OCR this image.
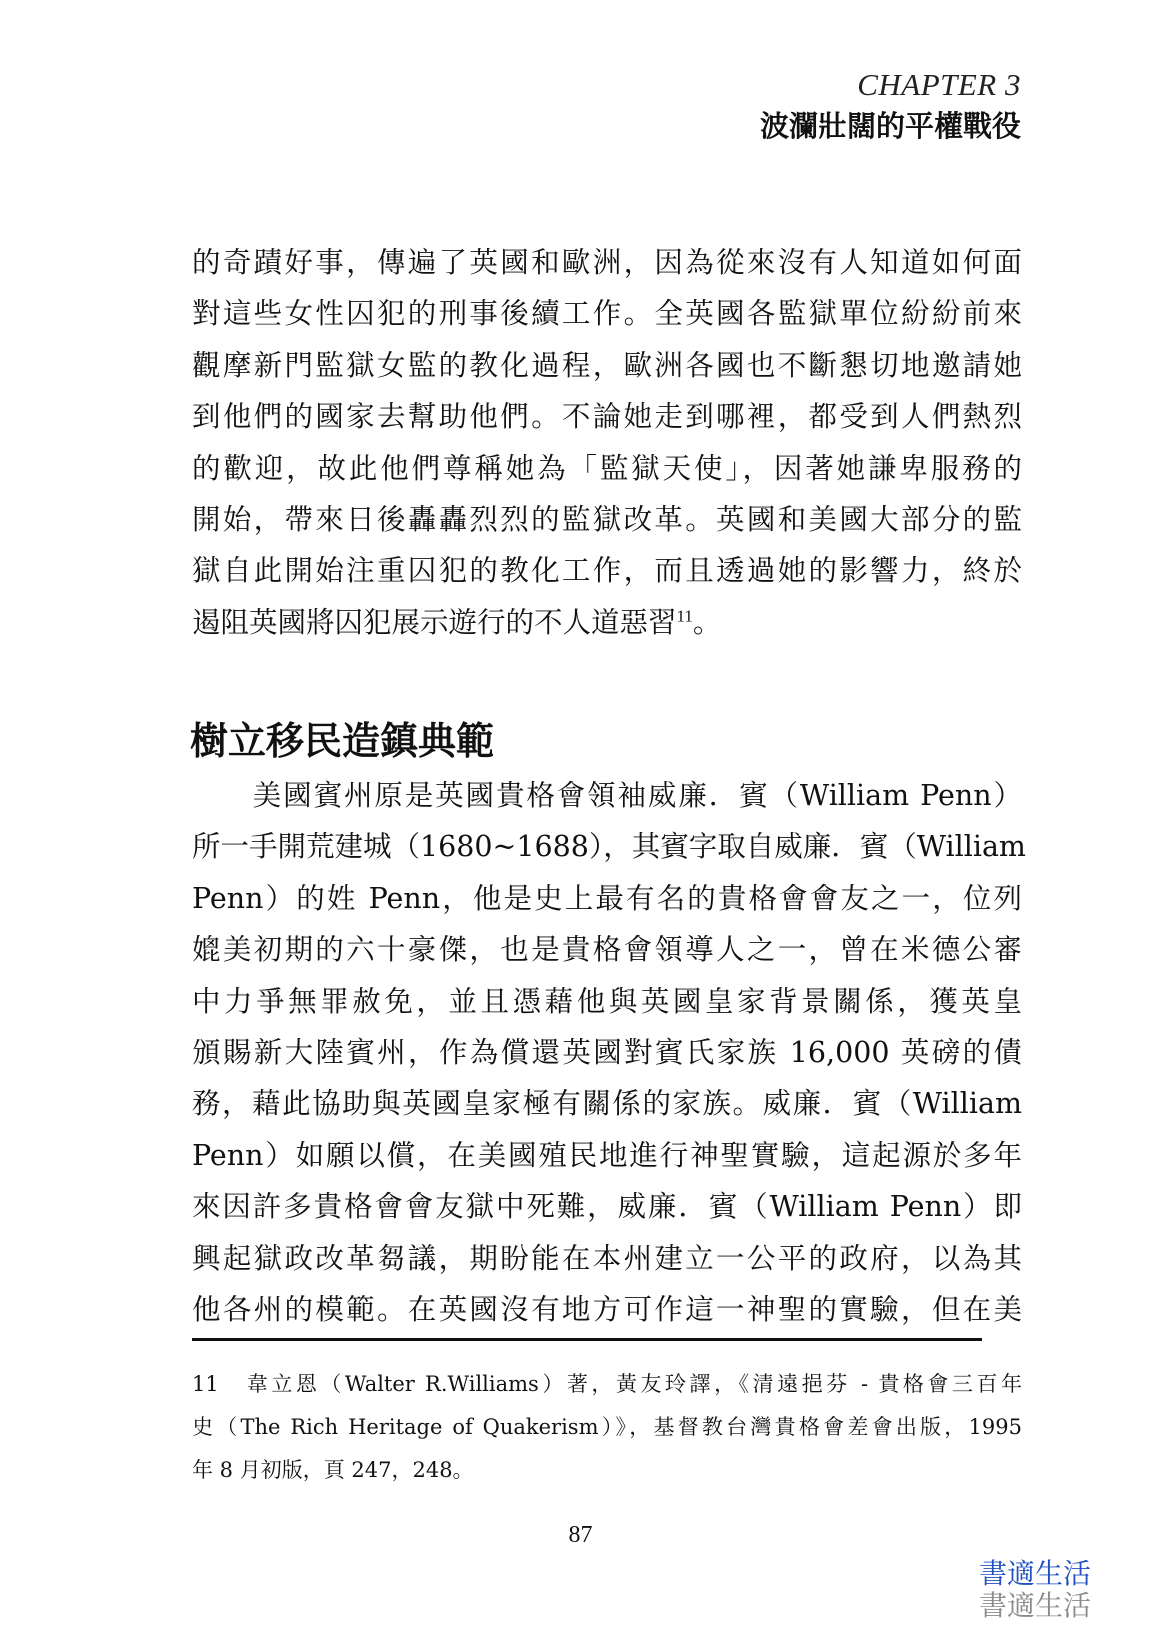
CHAPTER 3
波瀾壯闊的平權戰役
的奇蹟好事，傳遍了英國和歐洲，因為從來沒有人知道如何面
對這些女性囚犯的刑事後續工作。全英國各監獄單位紛紛前來
觀摩新門監獄女監的教化過程，歐洲各國也不斷懇切地邀請她
到他們的國家去幫助他們。不論她走到哪裡，都受到人們熱烈
的歡迎，故此他們尊稱她為「監獄天使」，因著她謙卑服務的
開始，帶來日後轟轟烈烈的監獄改革。英國和美國大部分的監
獄自此開始注重囚犯的教化工作，而且透過她的影響力，終於
遏阻英國將囚犯展示遊行的不人道惡習$^{11}$。
樹立移民造鎮典範
　　美國賓州原是英國貴格會領袖威廉．賓（William Penn）
所一手開荒建城（1680~1688），其賓字取自威廉．賓（William
Penn）的姓 Penn，他是史上最有名的貴格會會友之一，位列
媲美初期的六十豪傑，也是貴格會領導人之一，曾在米德公審
中力爭無罪赦免，並且憑藉他與英國皇家背景關係，獲英皇
頒賜新大陸賓州，作為償還英國對賓氏家族 16,000 英磅的債
務，藉此協助與英國皇家極有關係的家族。威廉．賓（William
Penn）如願以償，在美國殖民地進行神聖實驗，這起源於多年
來因許多貴格會會友獄中死難，威廉．賓（William Penn）即
興起獄政改革芻議，期盼能在本州建立一公平的政府，以為其
他各州的模範。在英國沒有地方可作這一神聖的實驗，但在美
11　韋立恩（Walter R.Williams）著，黃友玲譯，《清遠挹芬 - 貴格會三百年
史（The Rich Heritage of Quakerism）》，基督教台灣貴格會差會出版，1995
年 8 月初版，頁 247，248。
87
書適生活
書適生活
